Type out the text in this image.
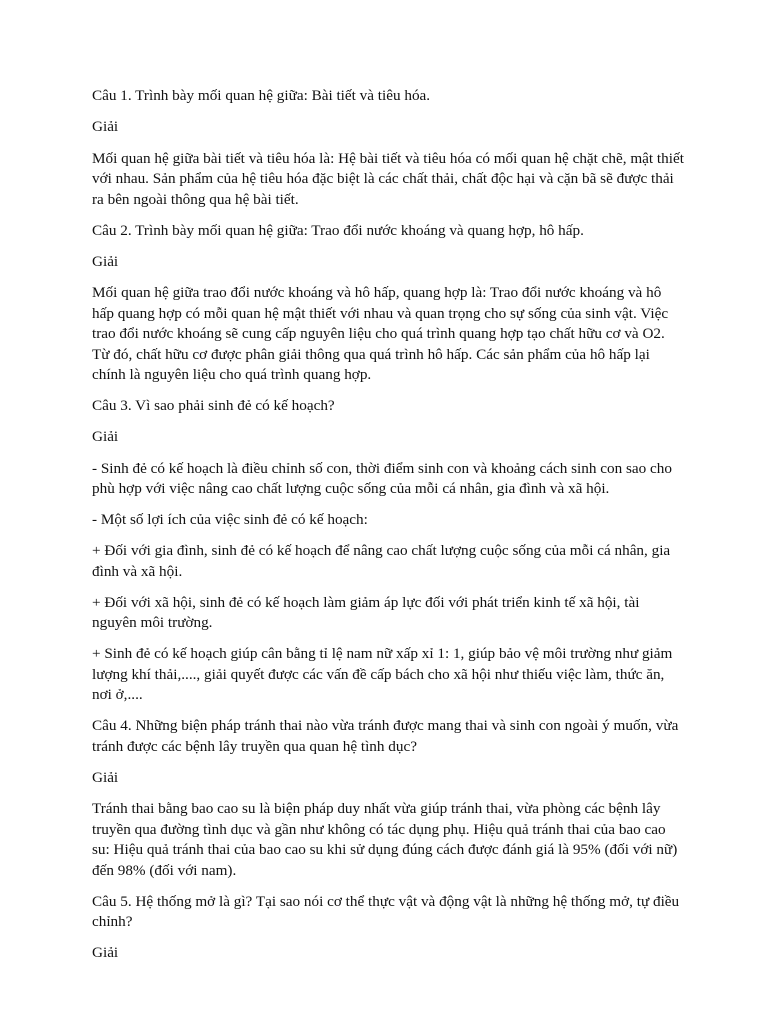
Câu 1. Trình bày mối quan hệ giữa: Bài tiết và tiêu hóa.

Giải

Mối quan hệ giữa bài tiết và tiêu hóa là: Hệ bài tiết và tiêu hóa có mối quan hệ chặt chẽ, mật thiết với nhau. Sản phẩm của hệ tiêu hóa đặc biệt là các chất thải, chất độc hại và cặn bã sẽ được thải ra bên ngoài thông qua hệ bài tiết.

Câu 2. Trình bày mối quan hệ giữa: Trao đổi nước khoáng và quang hợp, hô hấp.

Giải

Mối quan hệ giữa trao đổi nước khoáng và hô hấp, quang hợp là: Trao đổi nước khoáng và hô hấp quang hợp có mỗi quan hệ mật thiết với nhau và quan trọng cho sự sống của sinh vật. Việc trao đổi nước khoáng sẽ cung cấp nguyên liệu cho quá trình quang hợp tạo chất hữu cơ và O2. Từ đó, chất hữu cơ được phân giải thông qua quá trình hô hấp. Các sản phẩm của hô hấp lại chính là nguyên liệu cho quá trình quang hợp.

Câu 3. Vì sao phải sinh đẻ có kế hoạch?

Giải

- Sinh đẻ có kế hoạch là điều chỉnh số con, thời điểm sinh con và khoảng cách sinh con sao cho phù hợp với việc nâng cao chất lượng cuộc sống của mỗi cá nhân, gia đình và xã hội.

- Một số lợi ích của việc sinh đẻ có kế hoạch:

+ Đối với gia đình, sinh đẻ có kế hoạch để nâng cao chất lượng cuộc sống của mỗi cá nhân, gia đình và xã hội.

+ Đối với xã hội, sinh đẻ có kế hoạch làm giảm áp lực đối với phát triển kinh tế xã hội, tài nguyên môi trường.

+ Sinh đẻ có kế hoạch giúp cân bằng tỉ lệ nam nữ xấp xỉ 1: 1, giúp bảo vệ môi trường như giảm lượng khí thải,...., giải quyết được các vấn đề cấp bách cho xã hội như thiếu việc làm, thức ăn, nơi ở,....

Câu 4. Những biện pháp tránh thai nào vừa tránh được mang thai và sinh con ngoài ý muốn, vừa tránh được các bệnh lây truyền qua quan hệ tình dục?

Giải

Tránh thai bằng bao cao su là biện pháp duy nhất vừa giúp tránh thai, vừa phòng các bệnh lây truyền qua đường tình dục và gần như không có tác dụng phụ. Hiệu quả tránh thai của bao cao su: Hiệu quả tránh thai của bao cao su khi sử dụng đúng cách được đánh giá là 95% (đối với nữ) đến 98% (đối với nam).

Câu 5. Hệ thống mở là gì? Tại sao nói cơ thể thực vật và động vật là những hệ thống mở, tự điều chỉnh?

Giải
